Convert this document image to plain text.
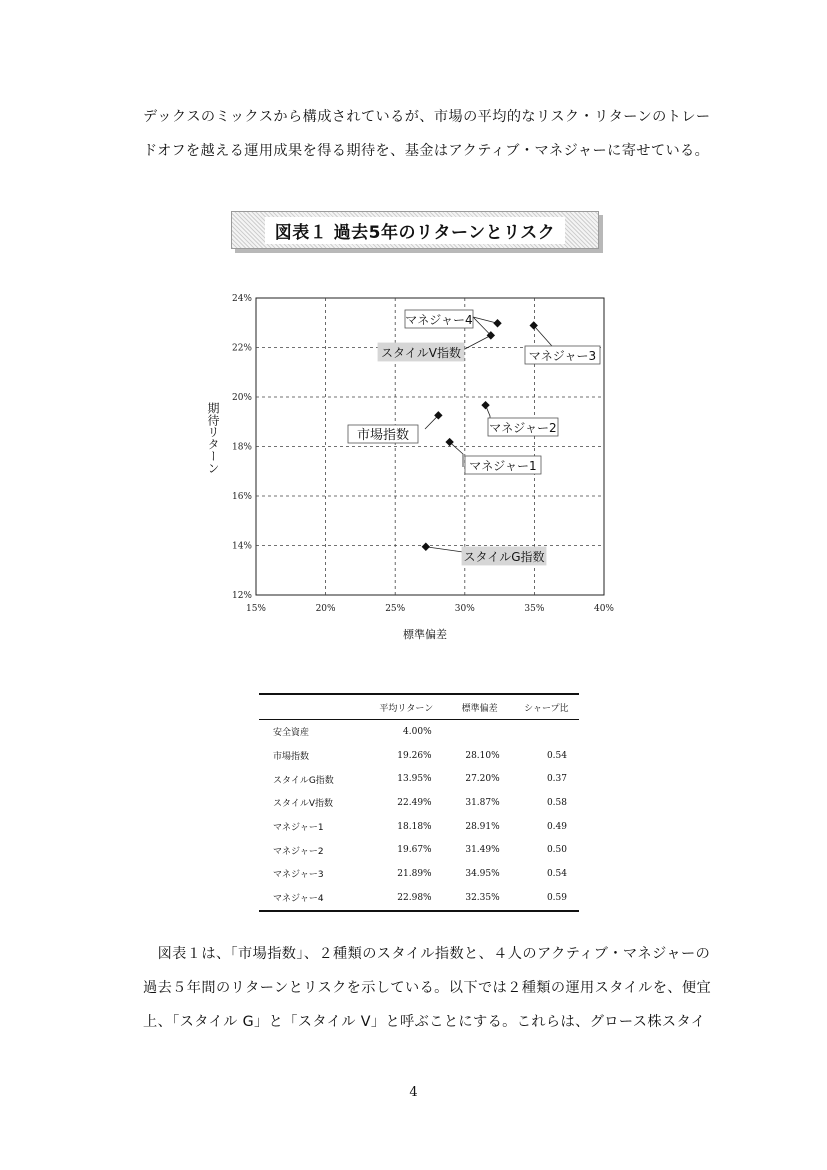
デックスのミックスから構成されているが、市場の平均的なリスク・リターンのトレー

ドオフを越える運用成果を得る期待を、基金はアクティブ・マネジャーに寄せている。

図表１ 過去5年のリターンとリスク
15%	20%	25%	30%	35%	40%
12%
14%
16%
18%
20%
22%
24%
標準偏差
期待リターン	市場指数
スタイルG指数
スタイルV指数
マネジャー1
マネジャー2
マネジャー3
マネジャー4
	平均リターン	標準偏差	シャープ比
安全資産	4.00%		
市場指数	19.26%	28.10%	0.54
スタイルG指数	13.95%	27.20%	0.37
スタイルV指数	22.49%	31.87%	0.58
マネジャー1	18.18%	28.91%	0.49
マネジャー2	19.67%	31.49%	0.50
マネジャー3	21.89%	34.95%	0.54
マネジャー4	22.98%	32.35%	0.59

　図表１は、「市場指数」、２種類のスタイル指数と、４人のアクティブ・マネジャーの

過去５年間のリターンとリスクを示している。以下では２種類の運用スタイルを、便宜

上、「スタイル G」と「スタイル V」と呼ぶことにする。これらは、グロース株スタイ

4
